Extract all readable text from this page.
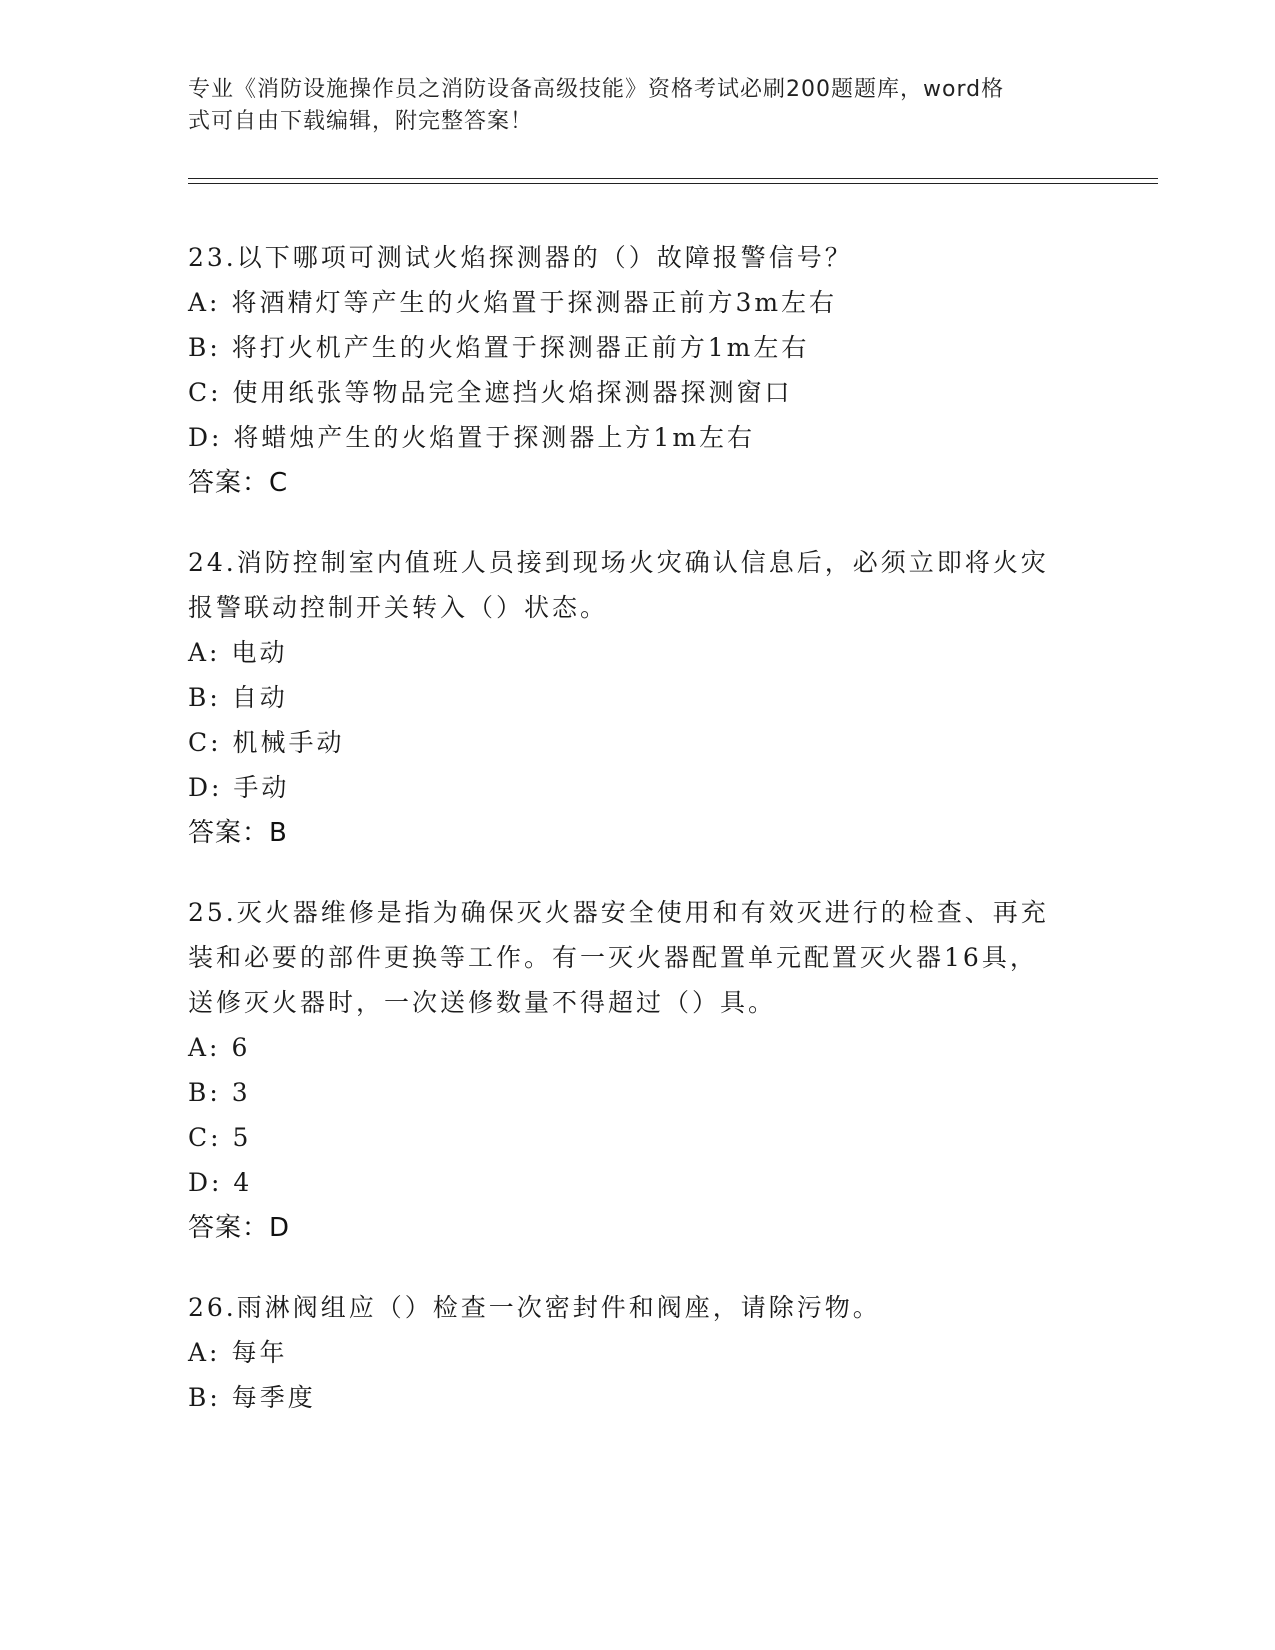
专业《消防设施操作员之消防设备高级技能》资格考试必刷200题题库，word格
式可自由下载编辑，附完整答案！
23.以下哪项可测试火焰探测器的（）故障报警信号？
A: 将酒精灯等产生的火焰置于探测器正前方3m左右
B: 将打火机产生的火焰置于探测器正前方1m左右
C: 使用纸张等物品完全遮挡火焰探测器探测窗口
D: 将蜡烛产生的火焰置于探测器上方1m左右
答案：C
24.消防控制室内值班人员接到现场火灾确认信息后，必须立即将火灾
报警联动控制开关转入（）状态。
A: 电动
B: 自动
C: 机械手动
D: 手动
答案：B
25.灭火器维修是指为确保灭火器安全使用和有效灭进行的检查、再充
装和必要的部件更换等工作。有一灭火器配置单元配置灭火器16具，
送修灭火器时，一次送修数量不得超过（）具。
A: 6
B: 3
C: 5
D: 4
答案：D
26.雨淋阀组应（）检查一次密封件和阀座，请除污物。
A: 每年
B: 每季度
